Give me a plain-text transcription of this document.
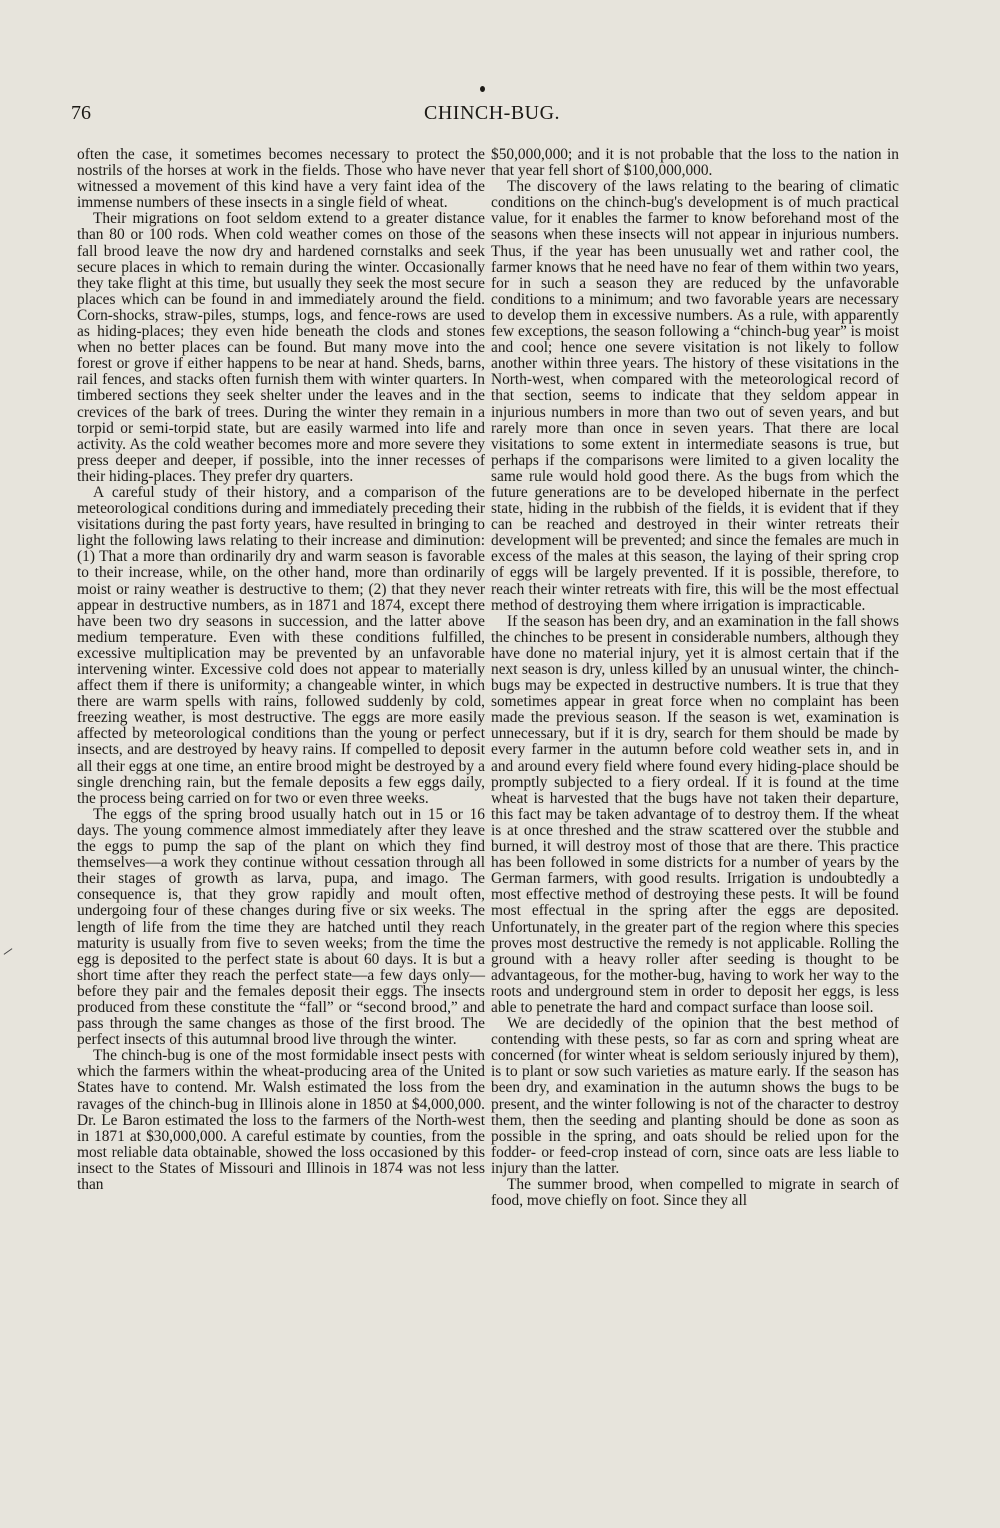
76	CHINCH-BUG.

often the case, it sometimes becomes necessary to protect the nostrils of the horses at work in the fields. Those who have never witnessed a movement of this kind have a very faint idea of the immense numbers of these insects in a single field of wheat.

Their migrations on foot seldom extend to a greater distance than 80 or 100 rods. When cold weather comes on those of the fall brood leave the now dry and hardened cornstalks and seek secure places in which to remain during the winter. Occasionally they take flight at this time, but usually they seek the most secure places which can be found in and immediately around the field. Corn-shocks, straw-piles, stumps, logs, and fence-rows are used as hiding-places; they even hide beneath the clods and stones when no better places can be found. But many move into the forest or grove if either happens to be near at hand. Sheds, barns, rail fences, and stacks often furnish them with winter quarters. In timbered sections they seek shelter under the leaves and in the crevices of the bark of trees. During the winter they remain in a torpid or semi-torpid state, but are easily warmed into life and activity. As the cold weather becomes more and more severe they press deeper and deeper, if possible, into the inner recesses of their hiding-places. They prefer dry quarters.

A careful study of their history, and a comparison of the meteorological conditions during and immediately preceding their visitations during the past forty years, have resulted in bringing to light the following laws relating to their increase and diminution: (1) That a more than ordinarily dry and warm season is favorable to their increase, while, on the other hand, more than ordinarily moist or rainy weather is destructive to them; (2) that they never appear in destructive numbers, as in 1871 and 1874, except there have been two dry seasons in succession, and the latter above medium temperature. Even with these conditions fulfilled, excessive multiplication may be prevented by an unfavorable intervening winter. Excessive cold does not appear to materially affect them if there is uniformity; a changeable winter, in which there are warm spells with rains, followed suddenly by cold, freezing weather, is most destructive. The eggs are more easily affected by meteorological conditions than the young or perfect insects, and are destroyed by heavy rains. If compelled to deposit all their eggs at one time, an entire brood might be destroyed by a single drenching rain, but the female deposits a few eggs daily, the process being carried on for two or even three weeks.

The eggs of the spring brood usually hatch out in 15 or 16 days. The young commence almost immediately after they leave the eggs to pump the sap of the plant on which they find themselves—a work they continue without cessation through all their stages of growth as larva, pupa, and imago. The consequence is, that they grow rapidly and moult often, undergoing four of these changes during five or six weeks. The length of life from the time they are hatched until they reach maturity is usually from five to seven weeks; from the time the egg is deposited to the perfect state is about 60 days. It is but a short time after they reach the perfect state—a few days only—before they pair and the females deposit their eggs. The insects produced from these constitute the “fall” or “second brood,” and pass through the same changes as those of the first brood. The perfect insects of this autumnal brood live through the winter.

The chinch-bug is one of the most formidable insect pests with which the farmers within the wheat-producing area of the United States have to contend. Mr. Walsh estimated the loss from the ravages of the chinch-bug in Illinois alone in 1850 at $4,000,000. Dr. Le Baron estimated the loss to the farmers of the North-west in 1871 at $30,000,000. A careful estimate by counties, from the most reliable data obtainable, showed the loss occasioned by this insect to the States of Missouri and Illinois in 1874 was not less than

$50,000,000; and it is not probable that the loss to the nation in that year fell short of $100,000,000.

The discovery of the laws relating to the bearing of climatic conditions on the chinch-bug's development is of much practical value, for it enables the farmer to know beforehand most of the seasons when these insects will not appear in injurious numbers. Thus, if the year has been unusually wet and rather cool, the farmer knows that he need have no fear of them within two years, for in such a season they are reduced by the unfavorable conditions to a minimum; and two favorable years are necessary to develop them in excessive numbers. As a rule, with apparently few exceptions, the season following a “chinch-bug year” is moist and cool; hence one severe visitation is not likely to follow another within three years. The history of these visitations in the North-west, when compared with the meteorological record of that section, seems to indicate that they seldom appear in injurious numbers in more than two out of seven years, and but rarely more than once in seven years. That there are local visitations to some extent in intermediate seasons is true, but perhaps if the comparisons were limited to a given locality the same rule would hold good there. As the bugs from which the future generations are to be developed hibernate in the perfect state, hiding in the rubbish of the fields, it is evident that if they can be reached and destroyed in their winter retreats their development will be prevented; and since the females are much in excess of the males at this season, the laying of their spring crop of eggs will be largely prevented. If it is possible, therefore, to reach their winter retreats with fire, this will be the most effectual method of destroying them where irrigation is impracticable.

If the season has been dry, and an examination in the fall shows the chinches to be present in considerable numbers, although they have done no material injury, yet it is almost certain that if the next season is dry, unless killed by an unusual winter, the chinch-bugs may be expected in destructive numbers. It is true that they sometimes appear in great force when no complaint has been made the previous season. If the season is wet, examination is unnecessary, but if it is dry, search for them should be made by every farmer in the autumn before cold weather sets in, and in and around every field where found every hiding-place should be promptly subjected to a fiery ordeal. If it is found at the time wheat is harvested that the bugs have not taken their departure, this fact may be taken advantage of to destroy them. If the wheat is at once threshed and the straw scattered over the stubble and burned, it will destroy most of those that are there. This practice has been followed in some districts for a number of years by the German farmers, with good results. Irrigation is undoubtedly a most effective method of destroying these pests. It will be found most effectual in the spring after the eggs are deposited. Unfortunately, in the greater part of the region where this species proves most destructive the remedy is not applicable. Rolling the ground with a heavy roller after seeding is thought to be advantageous, for the mother-bug, having to work her way to the roots and underground stem in order to deposit her eggs, is less able to penetrate the hard and compact surface than loose soil.

We are decidedly of the opinion that the best method of contending with these pests, so far as corn and spring wheat are concerned (for winter wheat is seldom seriously injured by them), is to plant or sow such varieties as mature early. If the season has been dry, and examination in the autumn shows the bugs to be present, and the winter following is not of the character to destroy them, then the seeding and planting should be done as soon as possible in the spring, and oats should be relied upon for the fodder- or feed-crop instead of corn, since oats are less liable to injury than the latter.

The summer brood, when compelled to migrate in search of food, move chiefly on foot. Since they all
